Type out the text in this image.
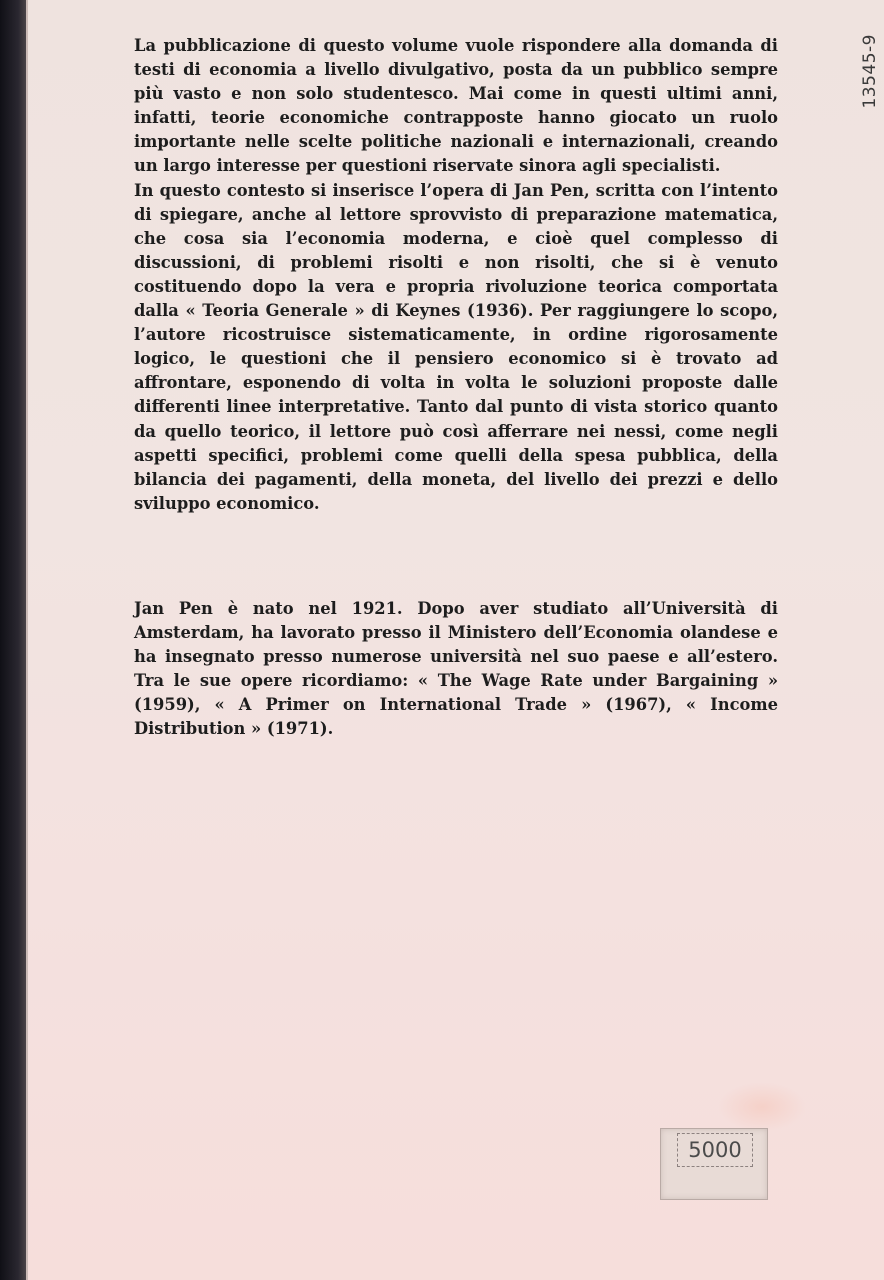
13545-9

La pubblicazione di questo volume vuole rispondere alla domanda di testi di economia a livello divulgativo, posta da un pubblico sempre più vasto e non solo studentesco. Mai come in questi ultimi anni, infatti, teorie economiche contrapposte hanno giocato un ruolo importante nelle scelte politiche nazionali e internazionali, creando un largo interesse per questioni riservate sinora agli specialisti.

In questo contesto si inserisce l’opera di Jan Pen, scritta con l’intento di spiegare, anche al lettore sprovvisto di preparazione matematica, che cosa sia l’economia moderna, e cioè quel complesso di discussioni, di problemi risolti e non risolti, che si è venuto costituendo dopo la vera e propria rivoluzione teorica comportata dalla « Teoria Generale » di Keynes (1936). Per raggiungere lo scopo, l’autore ricostruisce sistematicamente, in ordine rigorosamente logico, le questioni che il pensiero economico si è trovato ad affrontare, esponendo di volta in volta le soluzioni proposte dalle differenti linee interpretative. Tanto dal punto di vista storico quanto da quello teorico, il lettore può così afferrare nei nessi, come negli aspetti specifici, problemi come quelli della spesa pubblica, della bilancia dei pagamenti, della moneta, del livello dei prezzi e dello sviluppo economico.

Jan Pen è nato nel 1921. Dopo aver studiato all’Università di Amsterdam, ha lavorato presso il Ministero dell’Economia olandese e ha insegnato presso numerose università nel suo paese e all’estero. Tra le sue opere ricordiamo: « The Wage Rate under Bargaining » (1959), « A Primer on International Trade » (1967), « Income Distribution » (1971).

5000
